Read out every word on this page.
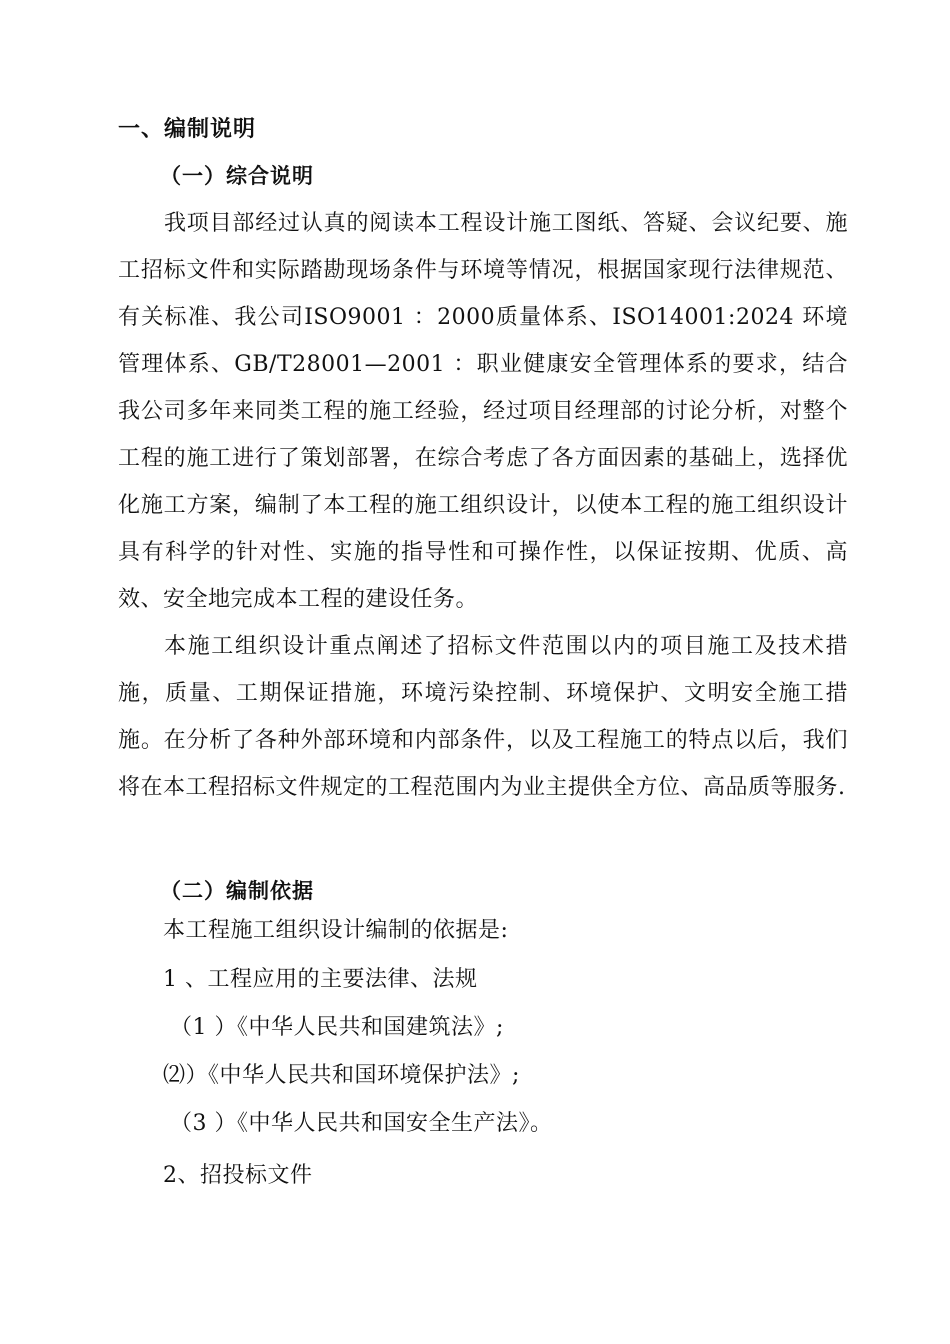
一、编制说明
（一）综合说明
我项目部经过认真的阅读本工程设计施工图纸、答疑、会议纪要、施工招标文件和实际踏勘现场条件与环境等情况，根据国家现行法律规范、有关标准、我公司ISO9001 ：2000质量体系、ISO14001:2024 环境管理体系、GB/T28001—2001 ：职业健康安全管理体系的要求，结合我公司多年来同类工程的施工经验，经过项目经理部的讨论分析，对整个工程的施工进行了策划部署，在综合考虑了各方面因素的基础上，选择优化施工方案，编制了本工程的施工组织设计，以使本工程的施工组织设计具有科学的针对性、实施的指导性和可操作性，以保证按期、优质、高效、安全地完成本工程的建设任务。
本施工组织设计重点阐述了招标文件范围以内的项目施工及技术措施，质量、工期保证措施，环境污染控制、环境保护、文明安全施工措施。在分析了各种外部环境和内部条件，以及工程施工的特点以后，我们将在本工程招标文件规定的工程范围内为业主提供全方位、高品质等服务.
（二）编制依据
本工程施工组织设计编制的依据是:
1 、工程应用的主要法律、法规
（1 ）《中华人民共和国建筑法》;
⑵）《中华人民共和国环境保护法》;
（3 ）《中华人民共和国安全生产法》。
2、招投标文件
